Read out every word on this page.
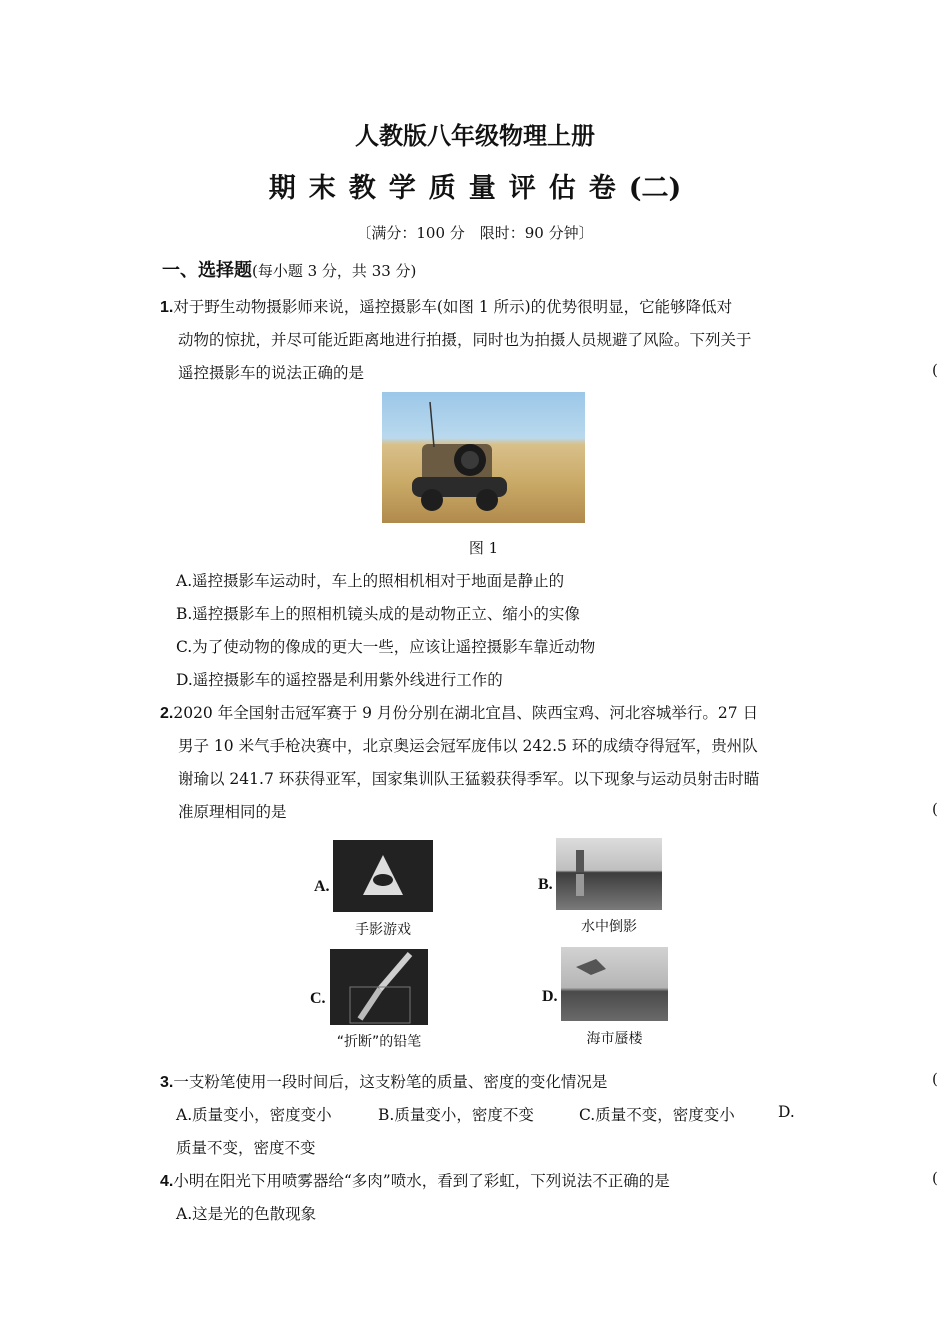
人教版八年级物理上册
期末教学质量评估卷(二)
〔满分：100 分　限时：90 分钟〕
一、选择题(每小题 3 分，共 33 分)
1.对于野生动物摄影师来说，遥控摄影车(如图 1 所示)的优势很明显，它能够降低对
动物的惊扰，并尽可能近距离地进行拍摄，同时也为拍摄人员规避了风险。下列关于
遥控摄影车的说法正确的是	(
图 1
A.遥控摄影车运动时，车上的照相机相对于地面是静止的
B.遥控摄影车上的照相机镜头成的是动物正立、缩小的实像
C.为了使动物的像成的更大一些，应该让遥控摄影车靠近动物
D.遥控摄影车的遥控器是利用紫外线进行工作的
2.2020 年全国射击冠军赛于 9 月份分别在湖北宜昌、陕西宝鸡、河北容城举行。27 日
男子 10 米气手枪决赛中，北京奥运会冠军庞伟以 242.5 环的成绩夺得冠军，贵州队
谢瑜以 241.7 环获得亚军，国家集训队王猛毅获得季军。以下现象与运动员射击时瞄
准原理相同的是	(
A.
手影游戏
B.
水中倒影
C.
“折断”的铅笔
D.
海市蜃楼
3.一支粉笔使用一段时间后，这支粉笔的质量、密度的变化情况是	(
A.质量变小，密度变小	B.质量变小，密度不变	C.质量不变，密度变小	D.
质量不变，密度不变
4.小明在阳光下用喷雾器给“多肉”喷水，看到了彩虹，下列说法不正确的是	(
A.这是光的色散现象
